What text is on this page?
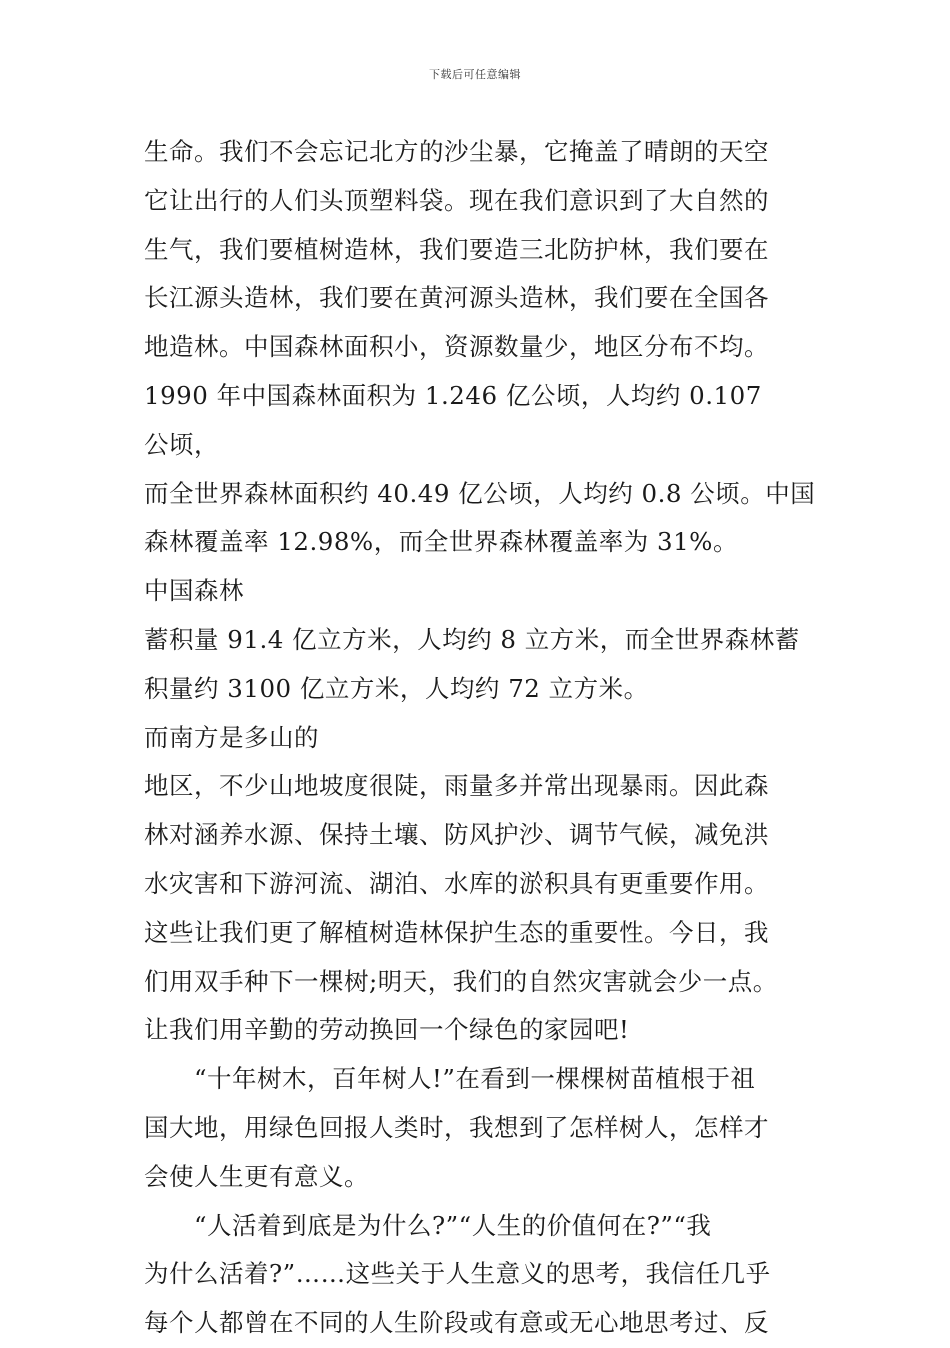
下载后可任意编辑

生命。我们不会忘记北方的沙尘暴，它掩盖了晴朗的天空
它让出行的人们头顶塑料袋。现在我们意识到了大自然的
生气，我们要植树造林，我们要造三北防护林，我们要在
长江源头造林，我们要在黄河源头造林，我们要在全国各
地造林。中国森林面积小，资源数量少，地区分布不均。
1990 年中国森林面积为 1.246 亿公顷，人均约 0.107 公顷，
而全世界森林面积约 40.49 亿公顷，人均约 0.8 公顷。中国
森林覆盖率 12.98%，而全世界森林覆盖率为 31%。中国森林
蓄积量 91.4 亿立方米，人均约 8 立方米，而全世界森林蓄
积量约 3100 亿立方米，人均约 72 立方米。而南方是多山的
地区，不少山地坡度很陡，雨量多并常出现暴雨。因此森
林对涵养水源、保持土壤、防风护沙、调节气候，减免洪
水灾害和下游河流、湖泊、水库的淤积具有更重要作用。
这些让我们更了解植树造林保护生态的重要性。今日，我
们用双手种下一棵树;明天，我们的自然灾害就会少一点。
让我们用辛勤的劳动换回一个绿色的家园吧!

　　“十年树木，百年树人!”在看到一棵棵树苗植根于祖
国大地，用绿色回报人类时，我想到了怎样树人，怎样才
会使人生更有意义。

　　“人活着到底是为什么?”“人生的价值何在?”“我
为什么活着?”……这些关于人生意义的思考，我信任几乎
每个人都曾在不同的人生阶段或有意或无心地思考过、反
